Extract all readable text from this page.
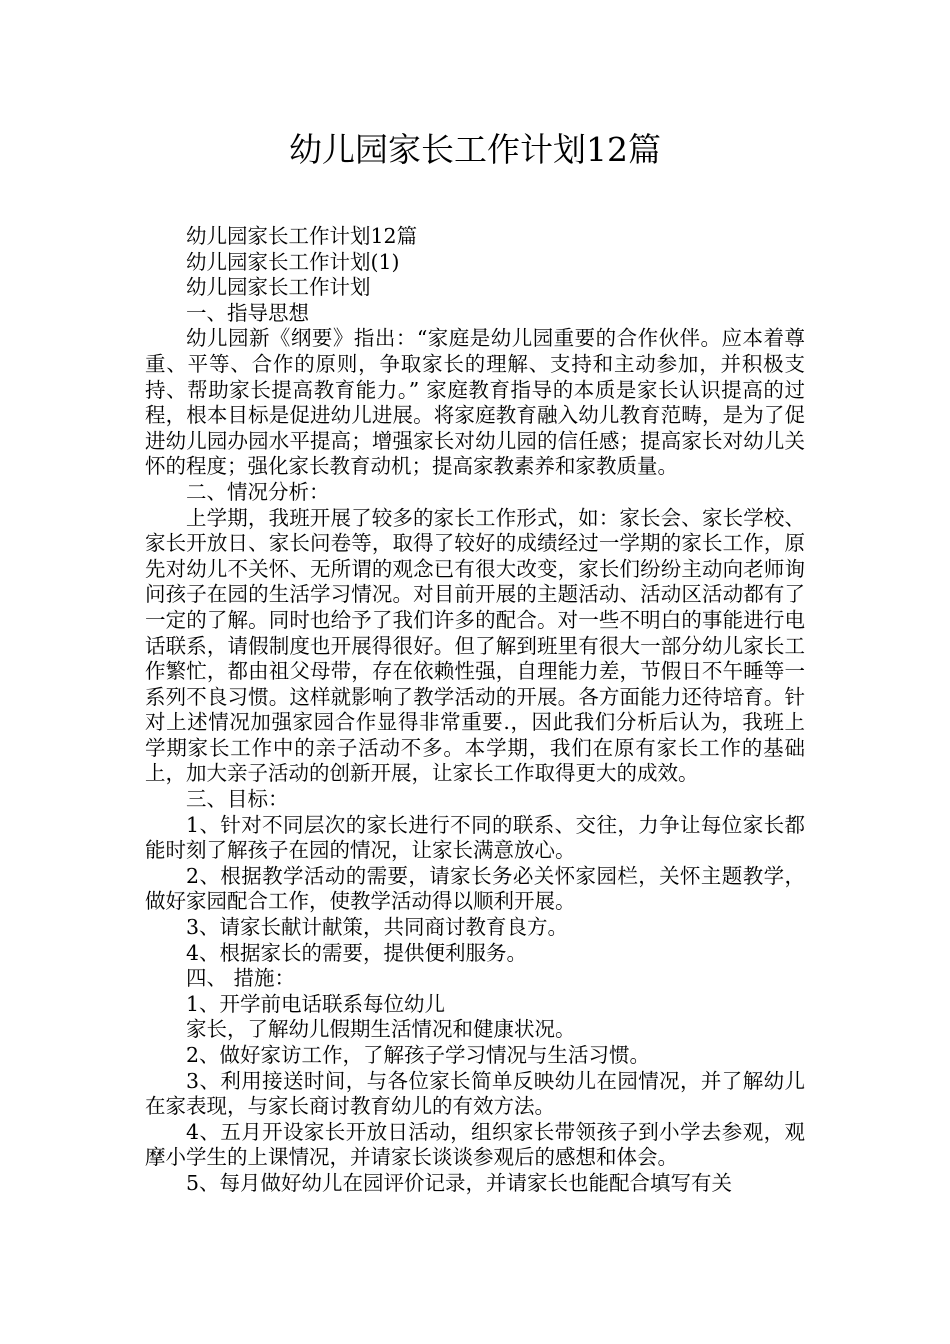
幼儿园家长工作计划12篇

幼儿园家长工作计划12篇

幼儿园家长工作计划(1)

幼儿园家长工作计划

一、指导思想

幼儿园新《纲要》指出：“家庭是幼儿园重要的合作伙伴。应本着尊重、平等、合作的原则，争取家长的理解、支持和主动参加，并积极支持、帮助家长提高教育能力。” 家庭教育指导的本质是家长认识提高的过程，根本目标是促进幼儿进展。将家庭教育融入幼儿教育范畴，是为了促进幼儿园办园水平提高；增强家长对幼儿园的信任感；提高家长对幼儿关怀的程度；强化家长教育动机；提高家教素养和家教质量。

二、情况分析：

上学期，我班开展了较多的家长工作形式，如：家长会、家长学校、家长开放日、家长问卷等，取得了较好的成绩经过一学期的家长工作，原先对幼儿不关怀、无所谓的观念已有很大改变，家长们纷纷主动向老师询问孩子在园的生活学习情况。对目前开展的主题活动、活动区活动都有了一定的了解。同时也给予了我们许多的配合。对一些不明白的事能进行电话联系，请假制度也开展得很好。但了解到班里有很大一部分幼儿家长工作繁忙，都由祖父母带，存在依赖性强，自理能力差，节假日不午睡等一系列不良习惯。这样就影响了教学活动的开展。各方面能力还待培育。针对上述情况加强家园合作显得非常重要.，因此我们分析后认为，我班上学期家长工作中的亲子活动不多。本学期，我们在原有家长工作的基础上，加大亲子活动的创新开展，让家长工作取得更大的成效。

三、目标：

1、针对不同层次的家长进行不同的联系、交往，力争让每位家长都能时刻了解孩子在园的情况，让家长满意放心。

2、根据教学活动的需要，请家长务必关怀家园栏，关怀主题教学，做好家园配合工作，使教学活动得以顺利开展。

3、请家长献计献策，共同商讨教育良方。

4、根据家长的需要，提供便利服务。

四、 措施：

1、开学前电话联系每位幼儿

家长，了解幼儿假期生活情况和健康状况。

2、做好家访工作，了解孩子学习情况与生活习惯。

3、利用接送时间，与各位家长简单反映幼儿在园情况，并了解幼儿在家表现，与家长商讨教育幼儿的有效方法。

4、五月开设家长开放日活动，组织家长带领孩子到小学去参观，观摩小学生的上课情况，并请家长谈谈参观后的感想和体会。

5、每月做好幼儿在园评价记录，并请家长也能配合填写有关
